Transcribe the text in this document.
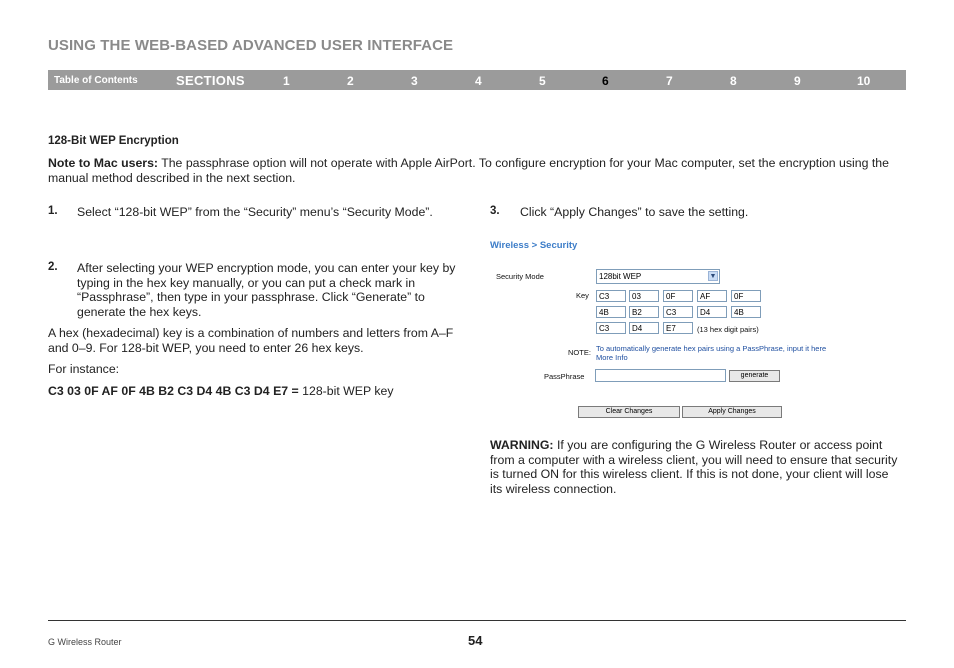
USING THE WEB-BASED ADVANCED USER INTERFACE
Table of Contents	SECTIONS	1	2	3	4	5	6	7	8	9	10
128-Bit WEP Encryption
Note to Mac users: The passphrase option will not operate with Apple AirPort. To configure encryption for your Mac computer, set the encryption using the manual method described in the next section.
1. Select “128-bit WEP” from the “Security” menu’s “Security Mode”.
2. After selecting your WEP encryption mode, you can enter your key by typing in the hex key manually, or you can put a check mark in “Passphrase”, then type in your passphrase. Click “Generate” to generate the hex keys.
A hex (hexadecimal) key is a combination of numbers and letters from A–F and 0–9. For 128-bit WEP, you need to enter 26 hex keys.
For instance:
C3 03 0F AF 0F 4B B2 C3 D4 4B C3 D4 E7 = 128-bit WEP key
3. Click “Apply Changes” to save the setting.
Wireless > Security
Security Mode	128bit WEP	▼
Key	C3	03	0F	AF	0F
4B	B2	C3	D4	4B
C3	D4	E7	(13 hex digit pairs)
NOTE: To automatically generate hex pairs using a PassPhrase, input it here
More Info
PassPhrase	generate
Clear Changes	Apply Changes
WARNING: If you are configuring the G Wireless Router or access point from a computer with a wireless client, you will need to ensure that security is turned ON for this wireless client. If this is not done, your client will lose its wireless connection.
G Wireless Router	54
